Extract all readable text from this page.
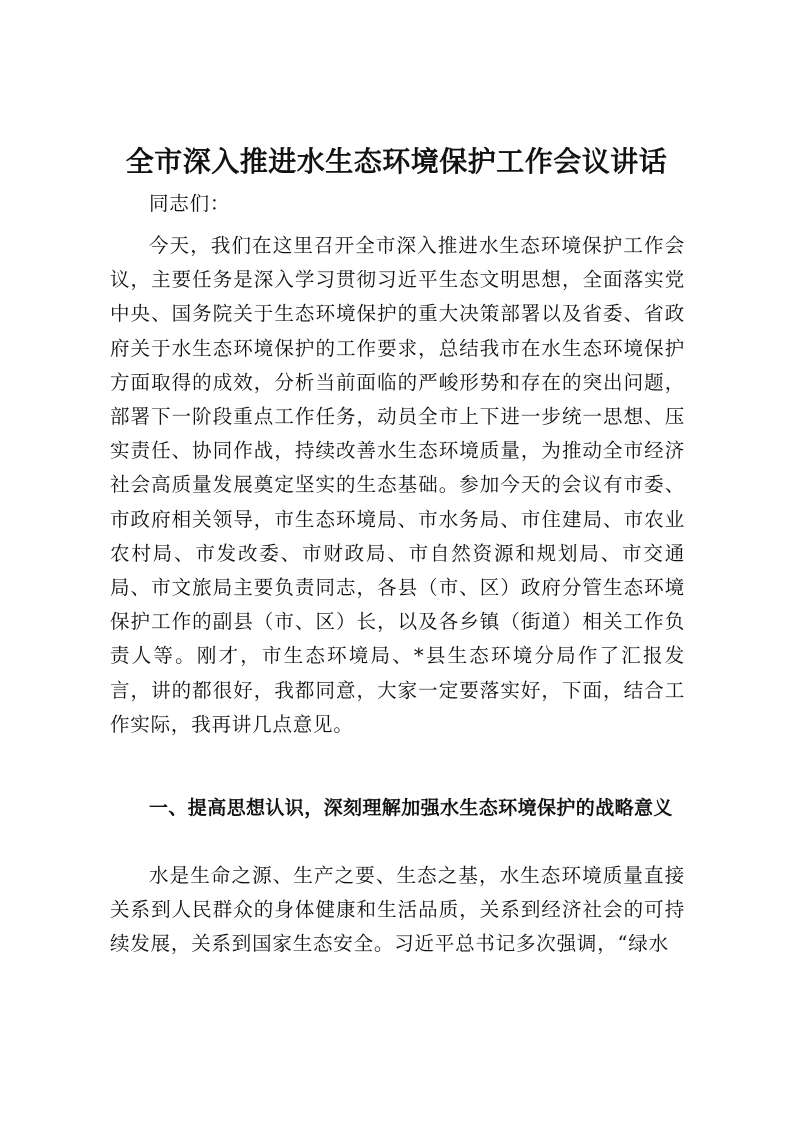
全市深入推进水生态环境保护工作会议讲话

同志们：

今天，我们在这里召开全市深入推进水生态环境保护工作会议，主要任务是深入学习贯彻习近平生态文明思想，全面落实党中央、国务院关于生态环境保护的重大决策部署以及省委、省政府关于水生态环境保护的工作要求，总结我市在水生态环境保护方面取得的成效，分析当前面临的严峻形势和存在的突出问题，部署下一阶段重点工作任务，动员全市上下进一步统一思想、压实责任、协同作战，持续改善水生态环境质量，为推动全市经济社会高质量发展奠定坚实的生态基础。参加今天的会议有市委、市政府相关领导，市生态环境局、市水务局、市住建局、市农业农村局、市发改委、市财政局、市自然资源和规划局、市交通局、市文旅局主要负责同志，各县（市、区）政府分管生态环境保护工作的副县（市、区）长，以及各乡镇（街道）相关工作负责人等。刚才，市生态环境局、*县生态环境分局作了汇报发言，讲的都很好，我都同意，大家一定要落实好，下面，结合工作实际，我再讲几点意见。

一、提高思想认识，深刻理解加强水生态环境保护的战略意义

水是生命之源、生产之要、生态之基，水生态环境质量直接关系到人民群众的身体健康和生活品质，关系到经济社会的可持续发展，关系到国家生态安全。习近平总书记多次强调，“绿水
